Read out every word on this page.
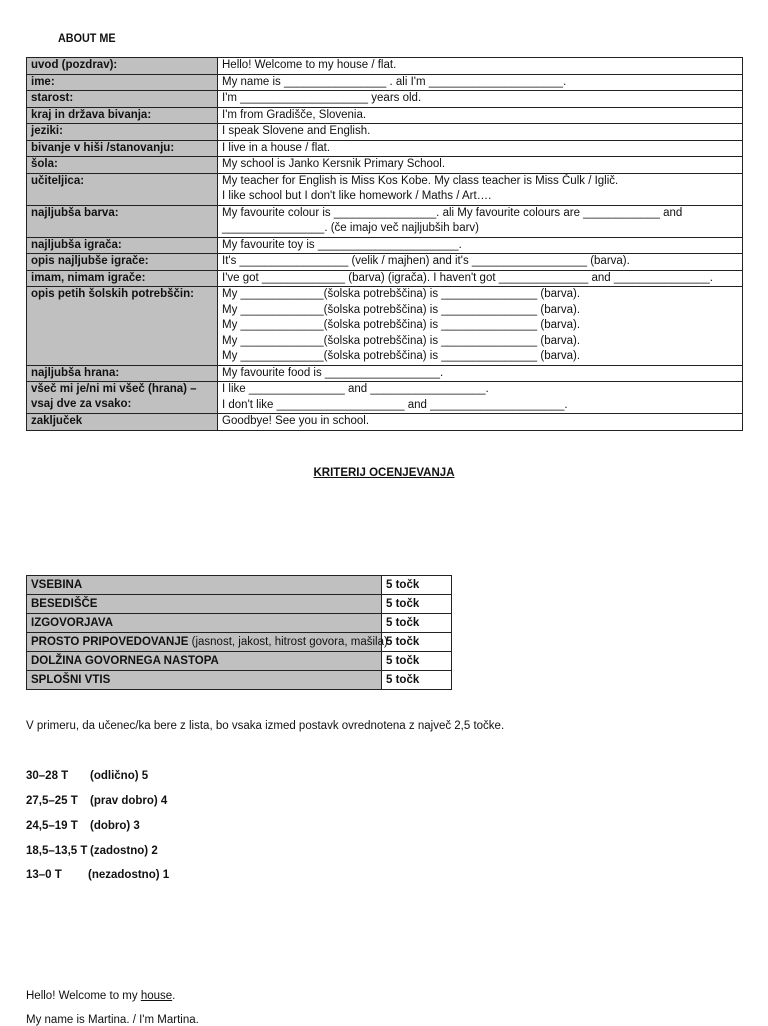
ABOUT ME
uvod (pozdrav):	Hello! Welcome to my house / flat.

ime:	My name is ________________ . ali I'm _____________________.

starost:	I'm ____________________ years old.

kraj in država bivanja:	I'm from Gradišče, Slovenia.

jeziki:	I speak Slovene and English.

bivanje v hiši /stanovanju:	I live in a house / flat.

šola:	My school is Janko Kersnik Primary School.

učiteljica:	My teacher for English is Miss Kos Kobe. My class teacher is Miss Čulk / Iglič.
I like school but I don't like homework / Maths / Art….

najljubša barva:	My favourite colour is ________________. ali My favourite colours are ____________ and
________________. (če imajo več najljubših barv)

najljubša igrača:	My favourite toy is ______________________.

opis najljubše igrače:	It's _________________ (velik / majhen) and it's __________________ (barva).

imam, nimam igrače:	I've got _____________ (barva) (igrača). I haven't got ______________ and _______________.

opis petih šolskih potrebščin:	My _____________(šolska potrebščina) is _______________ (barva).
My _____________(šolska potrebščina) is _______________ (barva).
My _____________(šolska potrebščina) is _______________ (barva).
My _____________(šolska potrebščina) is _______________ (barva).
My _____________(šolska potrebščina) is _______________ (barva).

najljubša hrana:	My favourite food is __________________.

všeč mi je/ni mi všeč (hrana) – vsaj dve za vsako:	I like _______________ and __________________.
I don't like ____________________ and _____________________.

zaključek	Goodbye! See you in school.
KRITERIJ OCENJEVANJA
VSEBINA	5 točk
BESEDIŠČE	5 točk
IZGOVORJAVA	5 točk
PROSTO PRIPOVEDOVANJE (jasnost, jakost, hitrost govora, mašila)	5 točk
DOLŽINA GOVORNEGA NASTOPA	5 točk
SPLOŠNI VTIS	5 točk
V primeru, da učenec/ka bere z lista, bo vsaka izmed postavk ovrednotena z največ 2,5 točke.
30–28 T (odlično) 5
27,5–25 T (prav dobro) 4
24,5–19 T (dobro) 3
18,5–13,5 T (zadostno) 2
13–0 T (nezadostno) 1
Hello! Welcome to my house.
My name is Martina. / I'm Martina.
